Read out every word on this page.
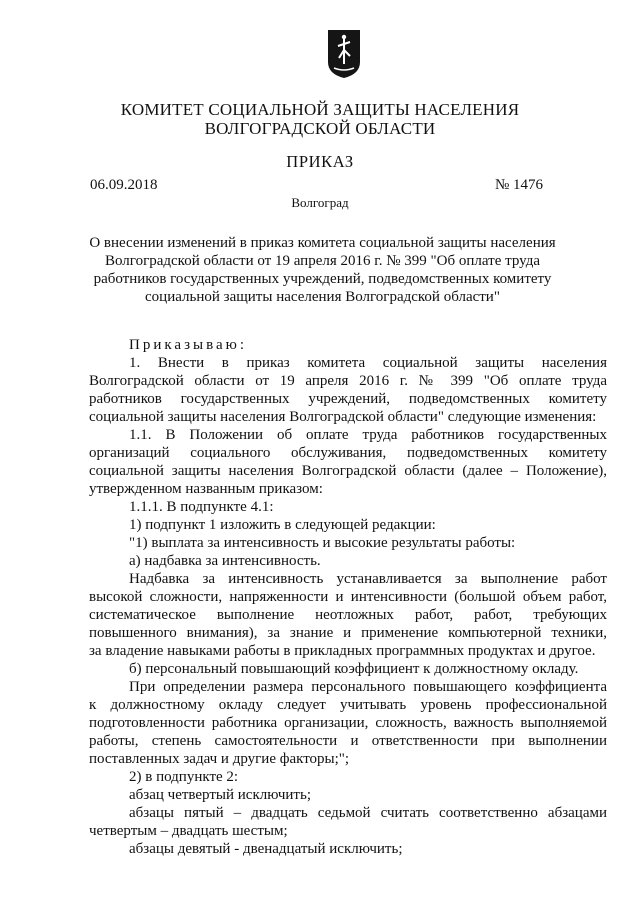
КОМИТЕТ СОЦИАЛЬНОЙ ЗАЩИТЫ НАСЕЛЕНИЯ
ВОЛГОГРАДСКОЙ ОБЛАСТИ
ПРИКАЗ
06.09.2018	№ 1476
Волгоград
О внесении изменений в приказ комитета социальной защиты населения
Волгоградской области от 19 апреля 2016 г. № 399 "Об оплате труда
работников государственных учреждений, подведомственных комитету
социальной защиты населения Волгоградской области"
Приказываю:
1. Внести в приказ комитета социальной защиты населения
Волгоградской области от 19 апреля 2016 г. № 399 "Об оплате труда
работников государственных учреждений, подведомственных комитету
социальной защиты населения Волгоградской области" следующие изменения:
1.1. В Положении об оплате труда работников государственных
организаций социального обслуживания, подведомственных комитету
социальной защиты населения Волгоградской области (далее – Положение),
утвержденном названным приказом:
1.1.1. В подпункте 4.1:
1) подпункт 1 изложить в следующей редакции:
"1) выплата за интенсивность и высокие результаты работы:
а) надбавка за интенсивность.
Надбавка за интенсивность устанавливается за выполнение работ
высокой сложности, напряженности и интенсивности (большой объем работ,
систематическое выполнение неотложных работ, работ, требующих
повышенного внимания), за знание и применение компьютерной техники,
за владение навыками работы в прикладных программных продуктах и другое.
б) персональный повышающий коэффициент к должностному окладу.
При определении размера персонального повышающего коэффициента
к должностному окладу следует учитывать уровень профессиональной
подготовленности работника организации, сложность, важность выполняемой
работы, степень самостоятельности и ответственности при выполнении
поставленных задач и другие факторы;";
2) в подпункте 2:
абзац четвертый исключить;
абзацы пятый – двадцать седьмой считать соответственно абзацами
четвертым – двадцать шестым;
абзацы девятый - двенадцатый исключить;
